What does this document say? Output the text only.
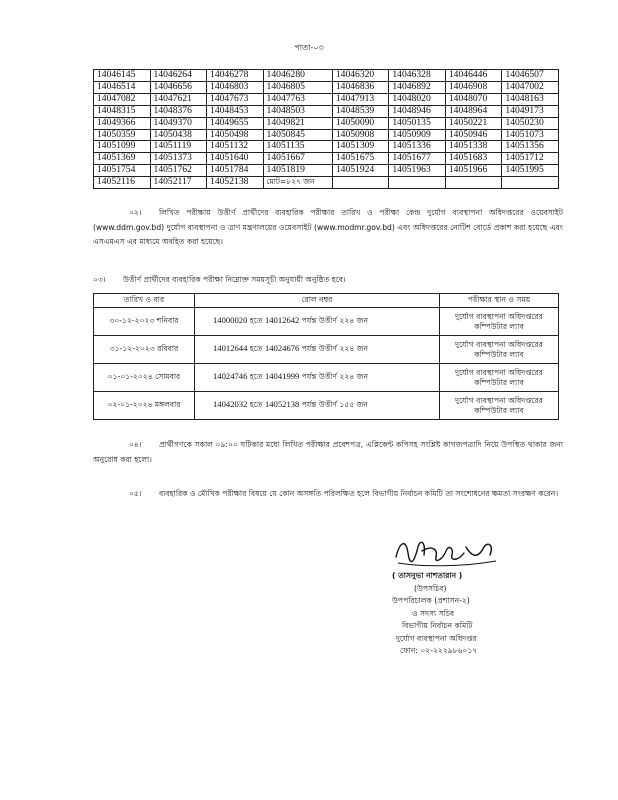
পাতা-০৩
14046145	14046264	14046278	14046280	14046320	14046328	14046446	14046507
14046514	14046656	14046803	14046805	14046836	14046892	14046908	14047002
14047082	14047621	14047673	14047763	14047913	14048020	14048070	14048163
14048315	14048376	14048453	14048503	14048539	14048946	14048964	14049173
14049366	14049370	14049655	14049821	14050090	14050135	14050221	14050230
14050359	14050438	14050498	14050845	14050908	14050909	14050946	14051073
14051099	14051119	14051132	14051135	14051309	14051336	14051338	14051356
14051369	14051373	14051640	14051667	14051675	14051677	14051683	14051712
14051754	14051762	14051784	14051819	14051924	14051963	14051966	14051995
14052116	14052117	14052138	মোট=৮২৭ জন				
০২। লিখিত পরীক্ষায় উত্তীর্ণ প্রার্থীদের ব্যবহারিক পরীক্ষার তারিখ ও পরীক্ষা কেন্দ্র দুর্যোগ ব্যবস্থাপনা অধিদপ্তরের ওয়েবসাইট (www.ddm.gov.bd) দুর্যোগ ব্যবস্থাপনা ও ত্রাণ মন্ত্রণালয়ের ওয়েবসাইট (www.modmr.gov.bd) এবং অধিদপ্তরের নোটিশ বোর্ডে প্রকাশ করা হয়েছে এবং এসএমএস এর মাধ্যমে অবহিত করা হয়েছে।
০৩। উত্তীর্ণ প্রার্থীদের ব্যবহারিক পরীক্ষা নিম্নোক্ত সময়সূচী অনুযায়ী অনুষ্ঠিত হবে।
তারিখ ও বার	রোল নম্বর	পরীক্ষার স্থান ও সময়
৩০-১২-২০২৩ শনিবার	14000020 হতে 14012642 পর্যন্ত উত্তীর্ণ ২২৪ জন	দুর্যোগ ব্যবস্থাপনা অধিদপ্তরের কম্পিউটার ল্যাব
৩১-১২-২০২৩ রবিবার	14012644 হতে 14024676 পর্যন্ত উত্তীর্ণ ২২৪ জন	দুর্যোগ ব্যবস্থাপনা অধিদপ্তরের কম্পিউটার ল্যাব
০১-০১-২০২৪ সোমবার	14024746 হতে 14041999 পর্যন্ত উত্তীর্ণ ২২৪ জন	দুর্যোগ ব্যবস্থাপনা অধিদপ্তরের কম্পিউটার ল্যাব
০২-০১-২০২৪ মঙ্গলবার	14042032 হতে 14052138 পর্যন্ত উত্তীর্ণ ১৫৫ জন	দুর্যোগ ব্যবস্থাপনা অধিদপ্তরের কম্পিউটার ল্যাব
০৪। প্রার্থীগণকে সকাল ০৯:০০ ঘটিকার মধ্যে লিখিত পরীক্ষার প্রবেশপত্র, এপ্লিকেন্ট কপিসহ সংশ্লিষ্ট কাগজপত্রাদি নিয়ে উপস্থিত থাকার জন্য অনুরোধ করা হলো।
০৫। ব্যবহারিক ও মৌখিক পরীক্ষার বিষয়ে যে কোন অসঙ্গতি পরিলক্ষিত হলে বিভাগীয় নির্বাচন কমিটি তা সংশোধনের ক্ষমতা সংরক্ষণ করেন।
( তাসনুভা নাশতারান )
(উপসচিব)
উপপরিচালক (প্রশাসন-২)
ও সদস্য সচিব
বিভাগীয় নির্বাচন কমিটি
দুর্যোগ ব্যবস্থাপনা অধিদপ্তর
ফোন: ০২-২২২৯৮৬০১৭
